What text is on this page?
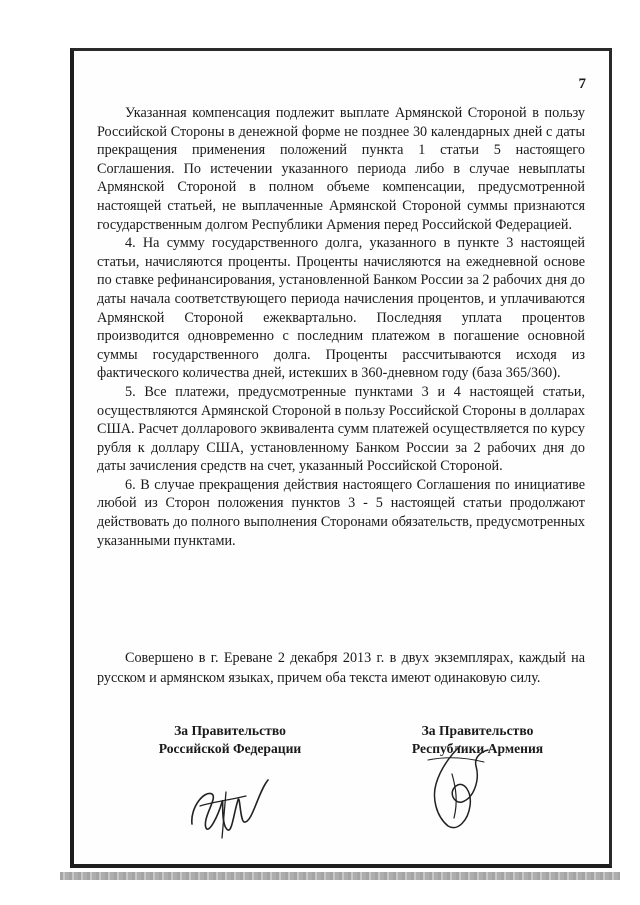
7

Указанная компенсация подлежит выплате Армянской Стороной в пользу Российской Стороны в денежной форме не позднее 30 календарных дней с даты прекращения применения положений пункта 1 статьи 5 настоящего Соглашения. По истечении указанного периода либо в случае невыплаты Армянской Стороной в полном объеме компенсации, предусмотренной настоящей статьей, не выплаченные Армянской Стороной суммы признаются государственным долгом Республики Армения перед Российской Федерацией.

4. На сумму государственного долга, указанного в пункте 3 настоящей статьи, начисляются проценты. Проценты начисляются на ежедневной основе по ставке рефинансирования, установленной Банком России за 2 рабочих дня до даты начала соответствующего периода начисления процентов, и уплачиваются Армянской Стороной ежеквартально. Последняя уплата процентов производится одновременно с последним платежом в погашение основной суммы государственного долга. Проценты рассчитываются исходя из фактического количества дней, истекших в 360-дневном году (база 365/360).

5. Все платежи, предусмотренные пунктами 3 и 4 настоящей статьи, осуществляются Армянской Стороной в пользу Российской Стороны в долларах США. Расчет долларового эквивалента сумм платежей осуществляется по курсу рубля к доллару США, установленному Банком России за 2 рабочих дня до даты зачисления средств на счет, указанный Российской Стороной.

6. В случае прекращения действия настоящего Соглашения по инициативе любой из Сторон положения пунктов 3 - 5 настоящей статьи продолжают действовать до полного выполнения Сторонами обязательств, предусмотренных указанными пунктами.

Совершено в г. Ереване 2 декабря 2013 г. в двух экземплярах, каждый на русском и армянском языках, причем оба текста имеют одинаковую силу.

За Правительство
Российской Федерации
За Правительство
Республики Армения
